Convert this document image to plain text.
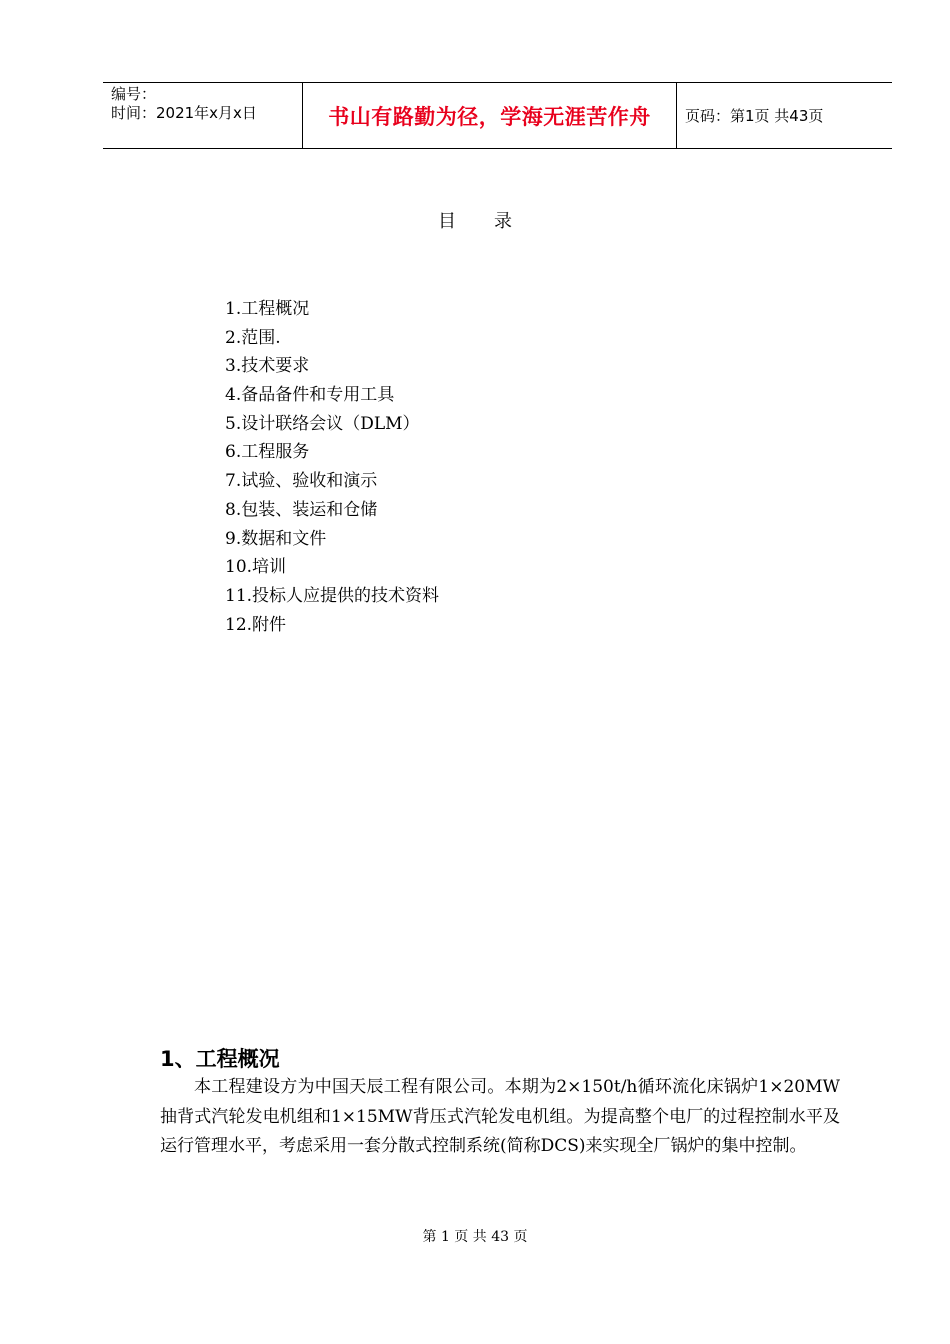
编号：
时间：2021年x月x日	书山有路勤为径，学海无涯苦作舟	页码：第1页 共43页
目 录
1.工程概况
2.范围.
3.技术要求
4.备品备件和专用工具
5.设计联络会议（DLM）
6.工程服务
7.试验、验收和演示
8.包装、装运和仓储
9.数据和文件
10.培训
11.投标人应提供的技术资料
12.附件
1、工程概况
本工程建设方为中国天辰工程有限公司。本期为2×150t/h循环流化床锅炉1×20MW抽背式汽轮发电机组和1×15MW背压式汽轮发电机组。为提高整个电厂的过程控制水平及运行管理水平，考虑采用一套分散式控制系统(简称DCS)来实现全厂锅炉的集中控制。
第 1 页 共 43 页
